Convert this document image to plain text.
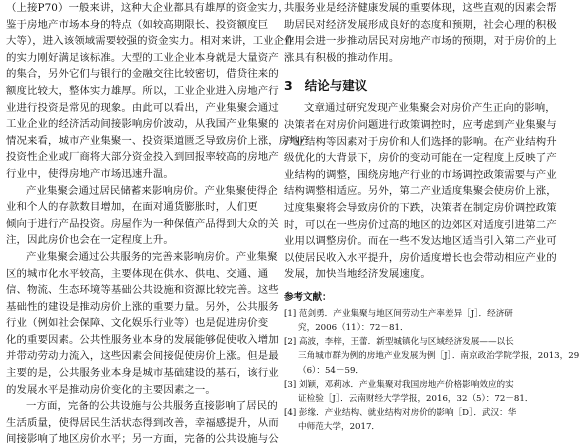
（上接P70）一般来讲，这种大企业都具有雄厚的资金实力，
鉴于房地产市场本身的特点（如较高期限长、投资额度巨
大等），进入该领域需要较强的资金实力。相对来讲，工业企业
的实力刚好满足该标准。大型的工业企业本身就是大量资产
的集合，另外它们与银行的金融交往比较密切，借贷往来的
额度比较大，整体实力雄厚。所以，工业企业进入房地产行
业进行投资是常见的现象。由此可以看出，产业集聚会通过
工业企业的经济活动间接影响房价波动，从我国产业集聚的
情况来看，城市产业集聚一、投资渠道匮乏导致房价上涨，房地产
投资性企业或厂商将大部分资金投入到回报率较高的房地产
行业中，使得房地产市场迅速升温。
产业集聚会通过居民储蓄来影响房价。产业集聚使得企
业和个人的存款数目增加，在面对通货膨胀时，人们更
倾向于进行产品投资。房屋作为一种保值产品得到大众的关
注，因此房价也会在一定程度上升。
产业集聚会通过公共服务的完善来影响房价。产业集聚
区的城市化水平较高，主要体现在供水、供电、交通、通
信、物流、生态环境等基础公共设施和资源比较完善。这些
基础性的建设是推动房价上涨的重要力量。另外，公共服务
行业（例如社会保障、文化娱乐行业等）也是促进房价变
化的重要因素。公共性服务业本身的发展能够促使收入增加
并带动劳动力流入，这些因素会间接促使房价上涨。但是最
主要的是，公共服务业本身是城市基础建设的基石，该行业
的发展水平是推动房价变化的主要因素之一。
一方面，完备的公共设施与公共服务直接影响了居民的
生活质量，使得居民生活状态得到改善，幸福感提升，从而
间接影响了地区房价水平；另一方面，完备的公共设施与公
共服务业是经济健康发展的重要体现，这些直观的因素会帮
助居民对经济发展形成良好的态度和预期，社会心理的积极
作用会进一步推动居民对房地产市场的预期，对于房价的上
涨具有积极的推动作用。
3 结论与建议
文章通过研究发现产业集聚会对房价产生正向的影响，
决策者在对房价问题进行政策调控时，应考虑到产业集聚与
产业结构等因素对于房价和人们选择的影响。在产业结构升
级优化的大背景下，房价的变动可能在一定程度上反映了产
业结构的调整，围绕房地产行业的市场调控政策需要与产业
结构调整相适应。另外，第二产业适度集聚会使房价上涨，
过度集聚将会导致房价的下跌，决策者在制定房价调控政策
时，可以在一些房价过高的地区的边郊区对适度引进第二产
业用以调整房价。而在一些不发达地区适当引入第二产业可
以使居民收入水平提升，房价适度增长也会带动相应产业的
发展，加快当地经济发展速度。
参考文献：
[1] 范剑勇．产业集聚与地区间劳动生产率差异［J］．经济研
究，2006（11）：72－81．
[2] 高波，李梓，王蕾．新型城镇化与区域经济发展——以长
三角城市群为例的房地产业发展为例［J］．南京政治学院学报，2013，29
（6）：54－59．
[3] 刘颖，邓莉冰．产业集聚对我国房地产价格影响效应的实
证检验［J］．云南财经大学学报，2016，32（5）：72－81．
[4] 彭缘．产业结构、就业结构对房价的影响［D］．武汉：华
中师范大学，2017．
